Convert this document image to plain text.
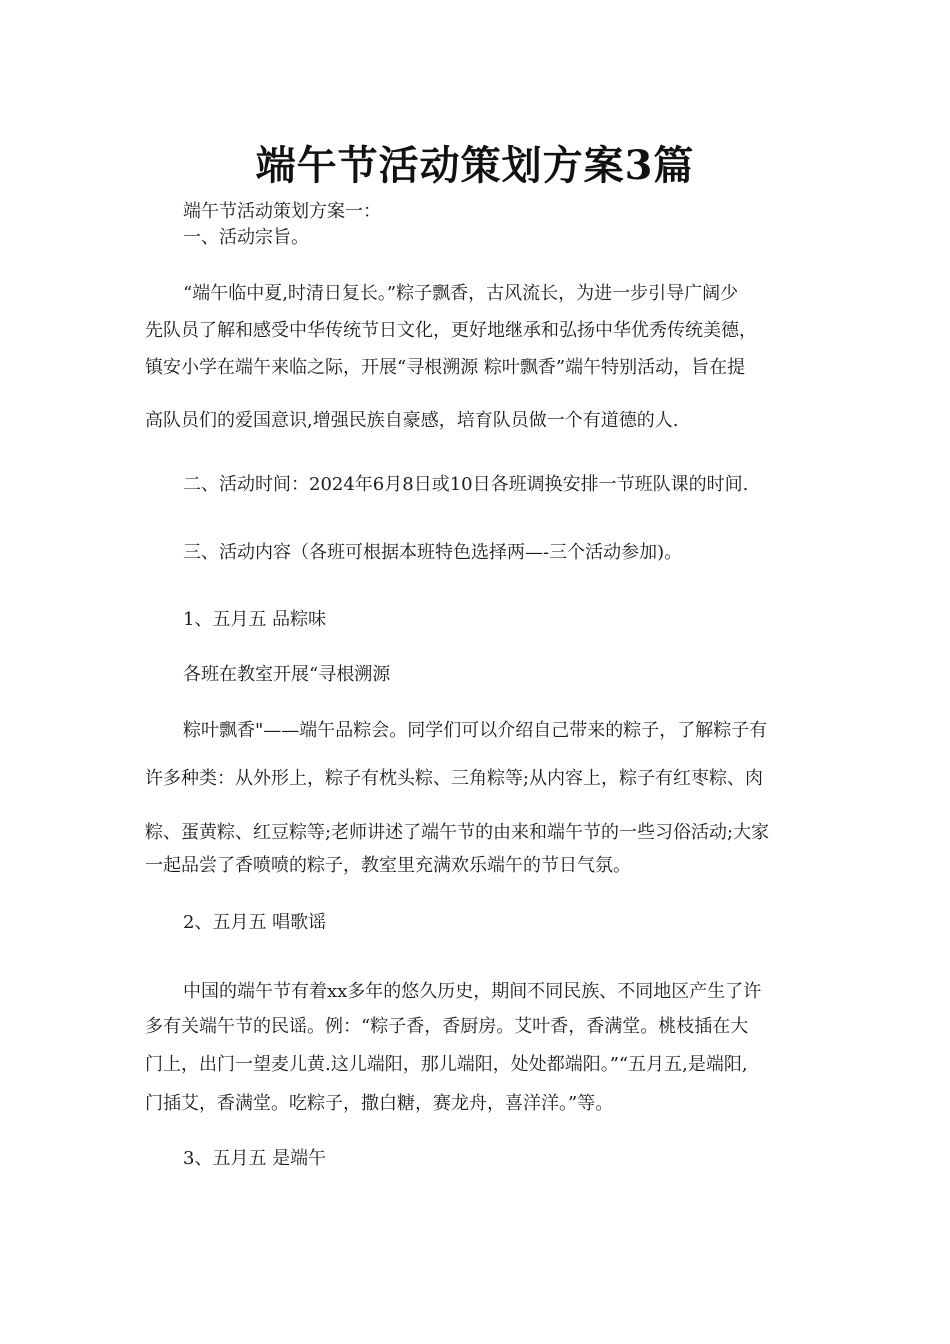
端午节活动策划方案3篇
端午节活动策划方案一：
一、活动宗旨。
“端午临中夏,时清日复长。”粽子飘香，古风流长，为进一步引导广阔少
先队员了解和感受中华传统节日文化，更好地继承和弘扬中华优秀传统美德，
镇安小学在端午来临之际，开展“寻根溯源 粽叶飘香”端午特别活动，旨在提
高队员们的爱国意识,增强民族自豪感，培育队员做一个有道德的人.
二、活动时间：2024年6月8日或10日各班调换安排一节班队课的时间.
三、活动内容（各班可根据本班特色选择两—-三个活动参加)。
1、五月五 品粽味
各班在教室开展“寻根溯源
粽叶飘香"——端午品粽会。同学们可以介绍自己带来的粽子，了解粽子有
许多种类：从外形上，粽子有枕头粽、三角粽等;从内容上，粽子有红枣粽、肉
粽、蛋黄粽、红豆粽等;老师讲述了端午节的由来和端午节的一些习俗活动;大家
一起品尝了香喷喷的粽子，教室里充满欢乐端午的节日气氛。
2、五月五 唱歌谣
中国的端午节有着xx多年的悠久历史，期间不同民族、不同地区产生了许
多有关端午节的民谣。例：“粽子香，香厨房。艾叶香，香满堂。桃枝插在大
门上，出门一望麦儿黄.这儿端阳，那儿端阳，处处都端阳。”“五月五,是端阳,
门插艾，香满堂。吃粽子，撒白糖，赛龙舟，喜洋洋。”等。
3、五月五 是端午
